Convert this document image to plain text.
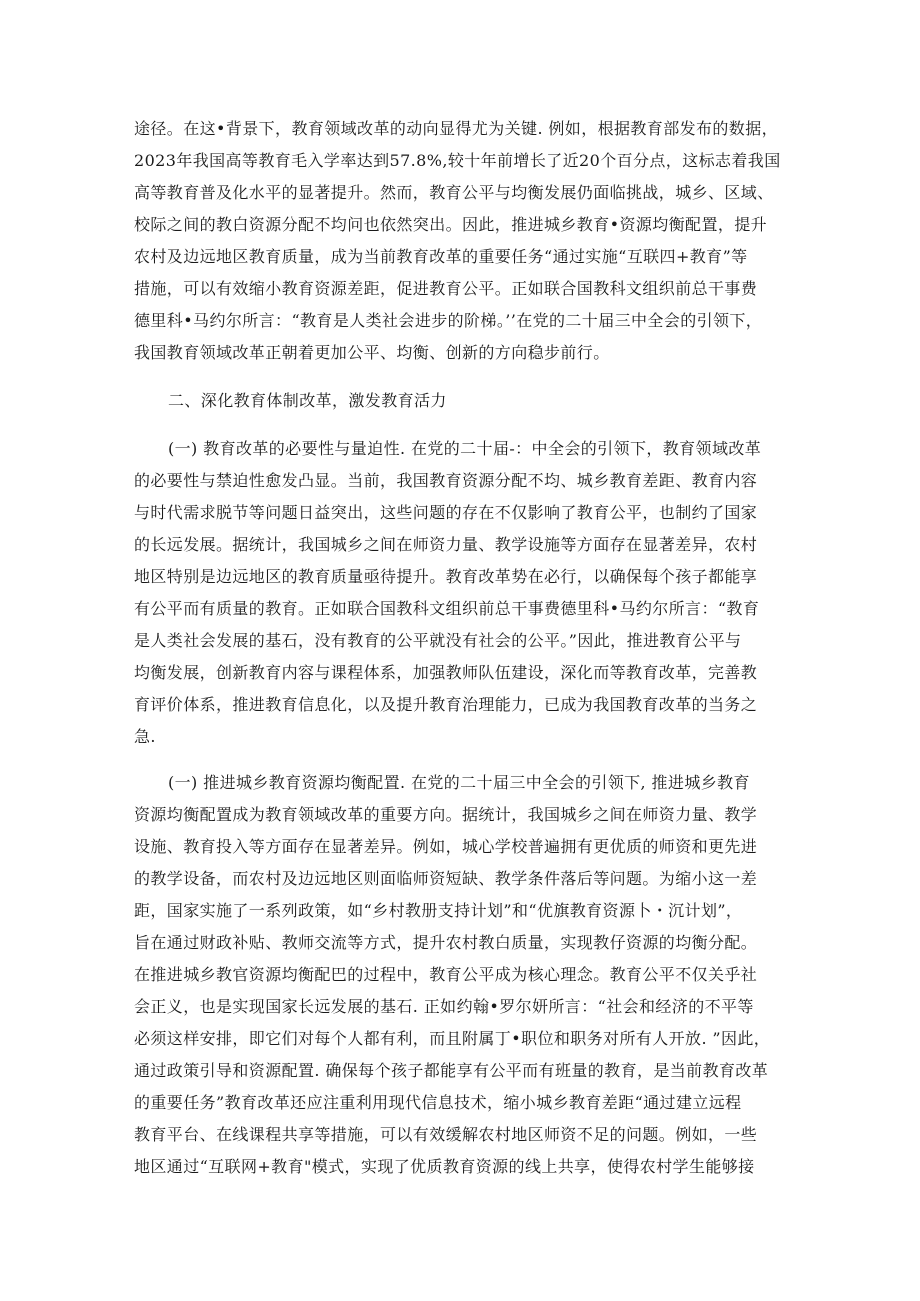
途径。在这•背景下，教育领域改革的动向显得尤为关键. 例如，根据教育部发布的数据，
2023年我国高等教育毛入学率达到57.8%,较十年前增长了近20个百分点，这标志着我国
高等教育普及化水平的显著提升。然而，教育公平与均衡发展仍面临挑战，城乡、区域、
校际之间的教白资源分配不均问也依然突出。因此，推进城乡教育•资源均衡配置，提升
农村及边远地区教育质量，成为当前教育改革的重要任务“通过实施“互联四+教育”等
措施，可以有效缩小教育资源差距，促进教育公平。正如联合国教科文组织前总干事费
德里科•马约尔所言：“教育是人类社会进步的阶梯。’’在党的二十届三中全会的引领下，
我国教育领域改革正朝着更加公平、均衡、创新的方向稳步前行。

二、深化教育体制改革，激发教育活力

(一) 教育改革的必要性与量迫性. 在党的二十届-：中全会的引领下，教育领域改革
的必要性与禁迫性愈发凸显。当前，我国教育资源分配不均、城乡教育差距、教育内容
与时代需求脱节等问题日益突出，这些问题的存在不仅影响了教育公平，也制约了国家
的长远发展。据统计，我国城乡之间在师资力量、教学设施等方面存在显著差异，农村
地区特别是边远地区的教育质量亟待提升。教育改革势在必行，以确保每个孩子都能享
有公平而有质量的教育。正如联合国教科文组织前总干事费德里科•马约尔所言：“教育
是人类社会发展的基石，没有教育的公平就没有社会的公平。”因此，推进教育公平与
均衡发展，创新教育内容与课程体系，加强教师队伍建设，深化而等教育改革，完善教
育评价体系，推进教育信息化，以及提升教育治理能力，已成为我国教育改革的当务之
急.

(一) 推进城乡教育资源均衡配置. 在党的二十届三中全会的引领下, 推进城乡教育
资源均衡配置成为教育领域改革的重要方向。据统计，我国城乡之间在师资力量、教学
设施、教育投入等方面存在显著差异。例如，城心学校普遍拥有更优质的师资和更先进
的教学设备，而农村及边远地区则面临师资短缺、教学条件落后等问题。为缩小这一差
距，国家实施了一系列政策，如“乡村教册支持计划”和“优旗教育资源卜・沉计划”，
旨在通过财政补贴、教师交流等方式，提升农村教白质量，实现教仔资源的均衡分配。
在推进城乡教官资源均衡配巴的过程中，教育公平成为核心理念。教育公平不仅关乎社
会正义，也是实现国家长远发展的基石. 正如约翰•罗尔妍所言：“社会和经济的不平等
必须这样安排，即它们对每个人都有利，而且附属丁•职位和职务对所有人开放. ”因此，
通过政策引导和资源配置. 确保每个孩子都能享有公平而有班量的教育，是当前教育改革
的重要任务”教育改革还应注重利用现代信息技术，缩小城乡教育差距“通过建立远程
教育平台、在线课程共享等措施，可以有效缓解农村地区师资不足的问题。例如，一些
地区通过“互联网+教育"模式，实现了优质教育资源的线上共享，使得农村学生能够接
